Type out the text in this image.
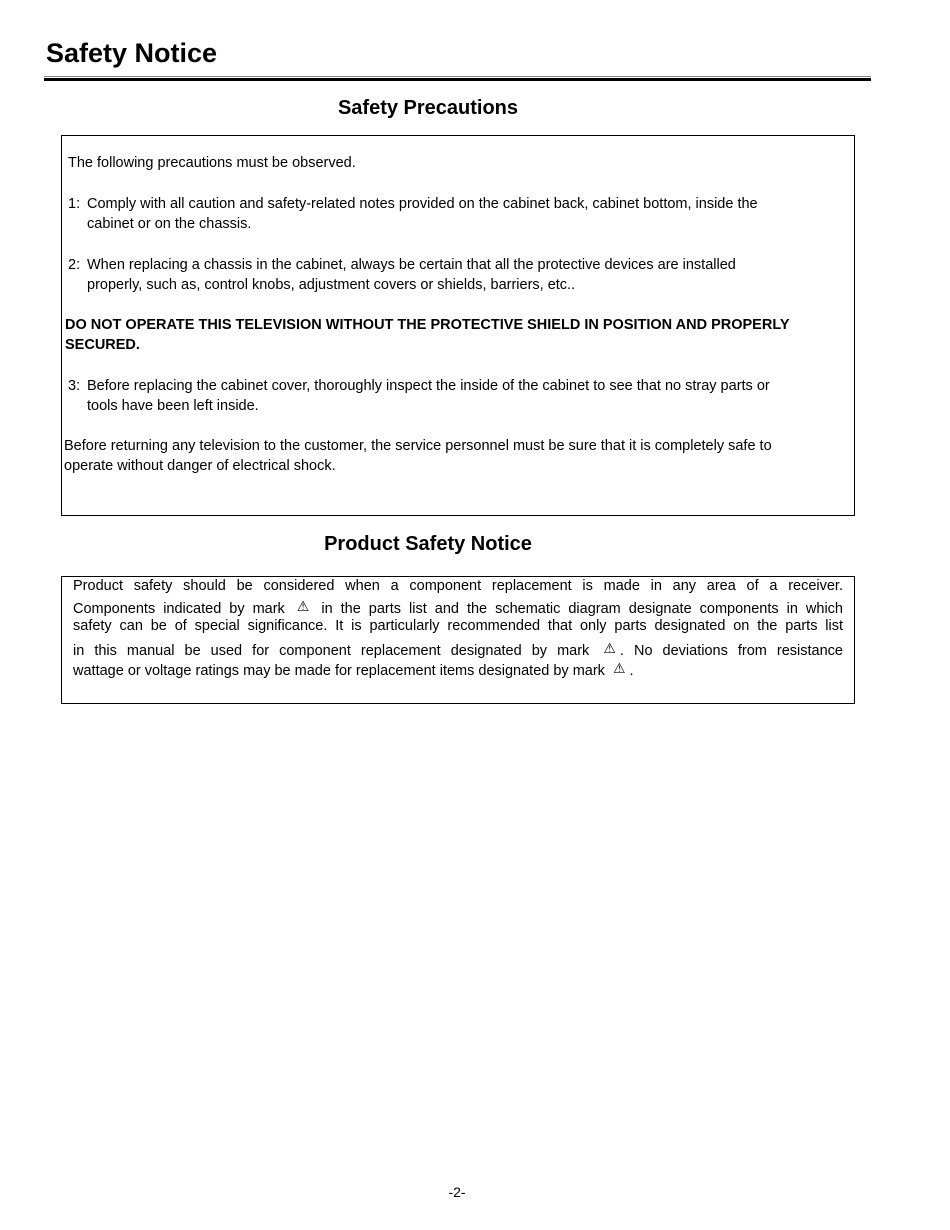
Safety Notice
Safety Precautions
The following precautions must be observed.
1: Comply with all caution and safety-related notes provided on the cabinet back, cabinet bottom, inside the
cabinet or on the chassis.
2: When replacing a chassis in the cabinet, always be certain that all the protective devices are installed
properly, such as, control knobs, adjustment covers or shields, barriers, etc..
DO NOT OPERATE THIS TELEVISION WITHOUT THE PROTECTIVE SHIELD IN POSITION AND PROPERLY
SECURED.
3: Before replacing the cabinet cover, thoroughly inspect the inside of the cabinet to see that no stray parts or
tools have been left inside.
Before returning any television to the customer, the service personnel must be sure that it is completely safe to
operate without danger of electrical shock.
Product Safety Notice
Product safety should be considered when a component replacement is made in any area of a receiver.
Components indicated by mark ⚠ in the parts list and the schematic diagram designate components in which
safety can be of special significance. It is particularly recommended that only parts designated on the parts list
in this manual be used for component replacement designated by mark ⚠ . No deviations from resistance
wattage or voltage ratings may be made for replacement items designated by mark ⚠ .
-2-
